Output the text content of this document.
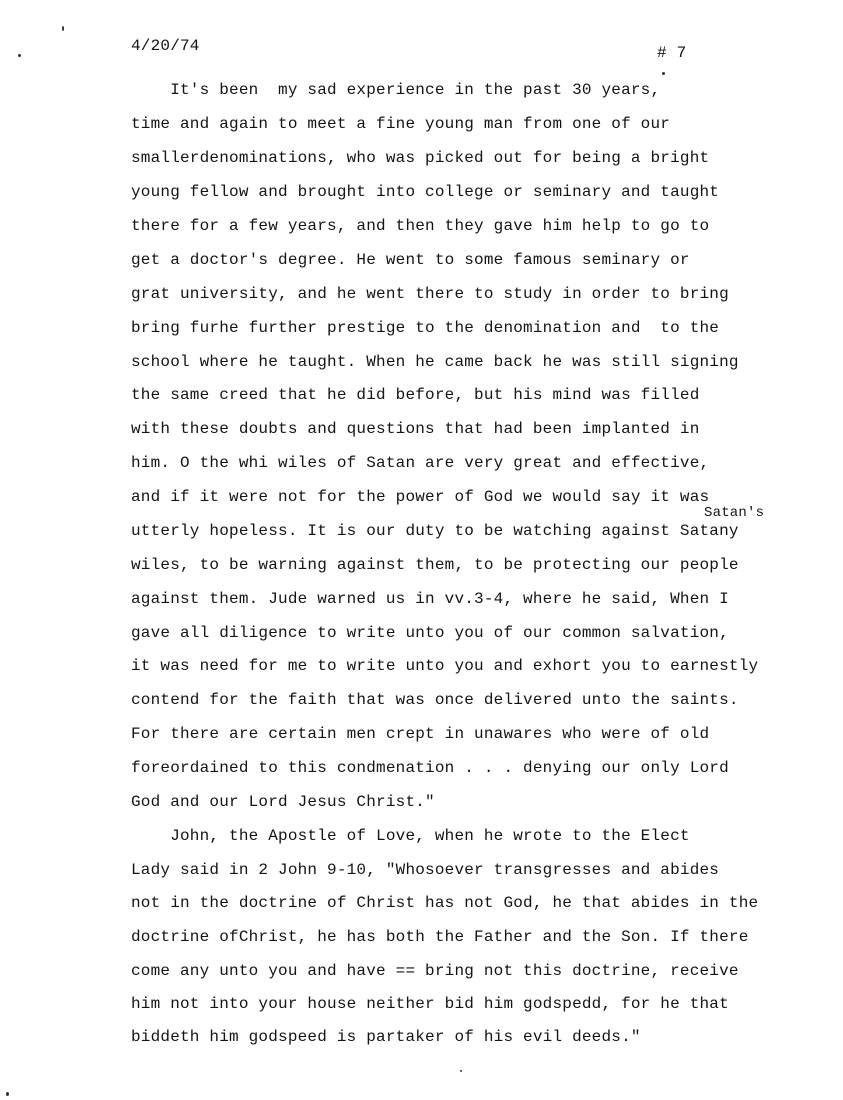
4/20/74	# 7
Satan's
It's been  my sad experience in the past 30 years,
time and again to meet a fine young man from one of our
smallerdenominations, who was picked out for being a bright
young fellow and brought into college or seminary and taught
there for a few years, and then they gave him help to go to
get a doctor's degree. He went to some famous seminary or
grat university, and he went there to study in order to bring
bring furhe further prestige to the denomination and  to the
school where he taught. When he came back he was still signing
the same creed that he did before, but his mind was filled
with these doubts and questions that had been implanted in
him. O the whi wiles of Satan are very great and effective,
and if it were not for the power of God we would say it was
utterly hopeless. It is our duty to be watching against Satany
wiles, to be warning against them, to be protecting our people
against them. Jude warned us in vv.3-4, where he said, When I
gave all diligence to write unto you of our common salvation,
it was need for me to write unto you and exhort you to earnestly
contend for the faith that was once delivered unto the saints.
For there are certain men crept in unawares who were of old
foreordained to this condmenation . . . denying our only Lord
God and our Lord Jesus Christ."
John, the Apostle of Love, when he wrote to the Elect
Lady said in 2 John 9-10, "Whosoever transgresses and abides
not in the doctrine of Christ has not God, he that abides in the
doctrine ofChrist, he has both the Father and the Son. If there
come any unto you and have == bring not this doctrine, receive
him not into your house neither bid him godspedd, for he that
biddeth him godspeed is partaker of his evil deeds."
